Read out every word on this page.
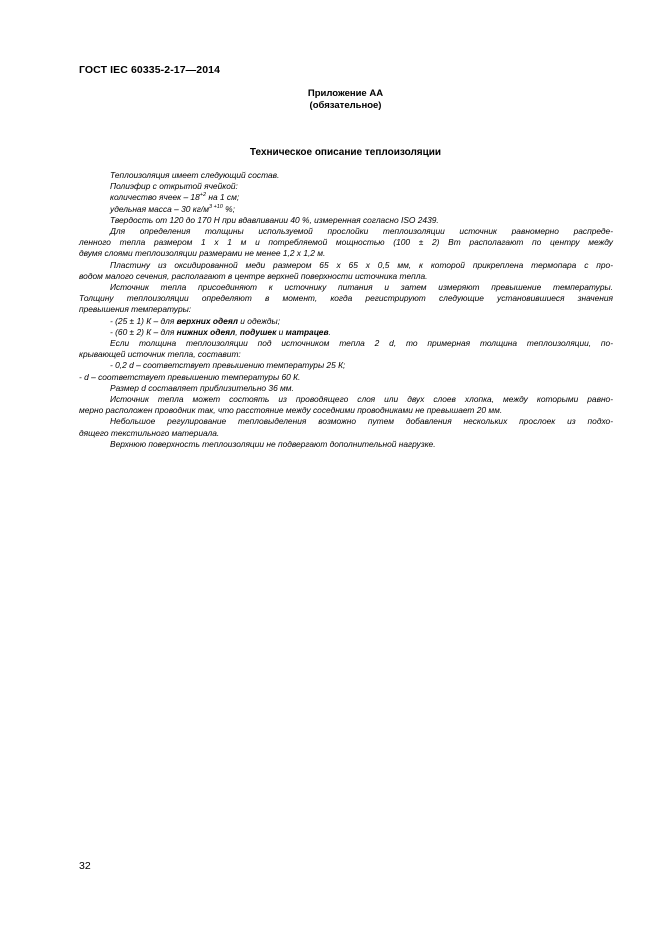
ГОСТ IEC 60335-2-17—2014
Приложение АА
(обязательное)
Техническое описание теплоизоляции

Теплоизоляция имеет следующий состав.

Полиэфир с открытой ячейкой:

количество ячеек – $18^{+2}$ на 1 см;

удельная масса – 30 $кг/м^{3 +10}$ %;

Твердость от 120 до 170 Н при вдавливании 40 %, измеренная согласно ISO 2439.

Для определения толщины используемой прослойки теплоизоляции источник равномерно распреде-

ленного тепла размером 1 х 1 м и потребляемой мощностью (100 ± 2) Вт располагают по центру между

двумя слоями теплоизоляции размерами не менее 1,2 х 1,2 м.

Пластину из оксидированной меди размером 65 х 65 х 0,5 мм, к которой прикреплена термопара с про-

водом малого сечения, располагают в центре верхней поверхности источника тепла.

Источник тепла присоединяют к источнику питания и затем измеряют превышение температуры.

Толщину теплоизоляции определяют в момент, когда регистрируют следующие установившиеся значения

превышения температуры:

- (25 ± 1) К – для верхних одеял и одежды;

- (60 ± 2) К – для нижних одеял, подушек и матрацев.

Если толщина теплоизоляции под источником тепла 2 d, то примерная толщина теплоизоляции, по-

крывающей источник тепла, составит:

- 0,2 d – соответствует превышению температуры 25 К;

- d – соответствует превышению температуры 60 К.

Размер d составляет приблизительно 36 мм.

Источник тепла может состоять из проводящего слоя или двух слоев хлопка, между которыми равно-

мерно расположен проводник так, что расстояние между соседними проводниками не превышает 20 мм.

Небольшое регулирование тепловыделения возможно путем добавления нескольких прослоек из подхо-

дящего текстильного материала.

Верхнюю поверхность теплоизоляции не подвергают дополнительной нагрузке.

32
